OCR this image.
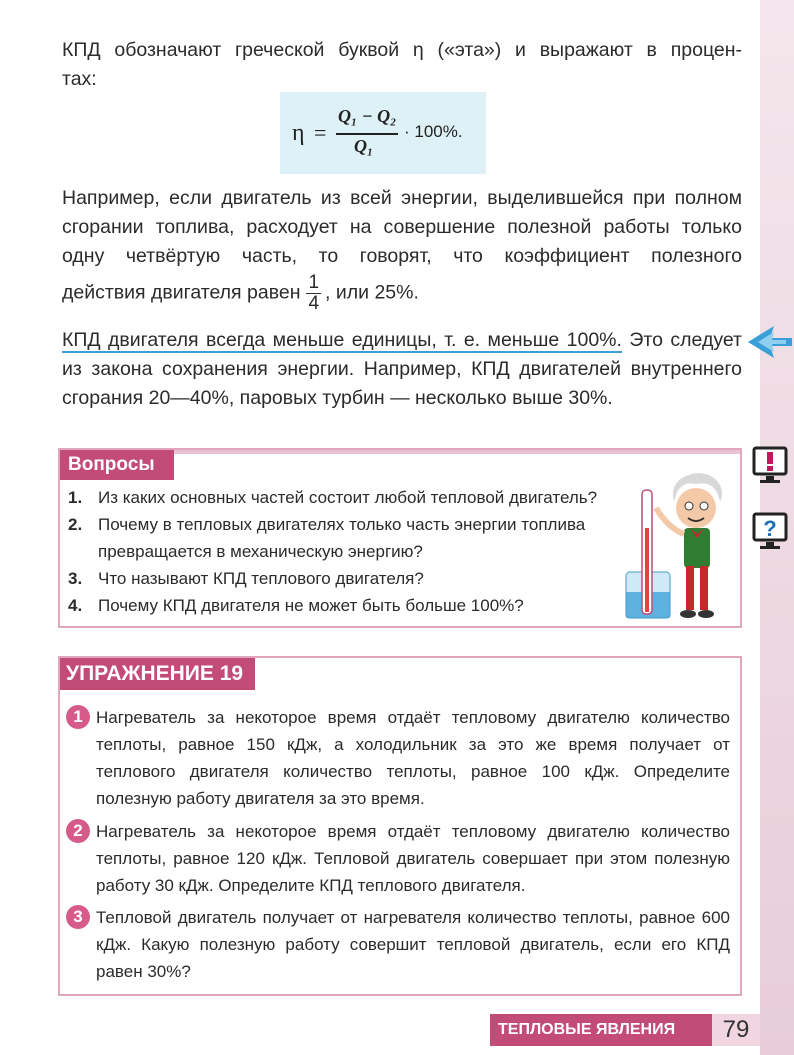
КПД обозначают греческой буквой η («эта») и выражают в процен-
тах:
η =
Q₁ − Q₂
Q₁
· 100%.
Например, если двигатель из всей энергии, выделившейся при полном сгорании топлива, расходует на совершение полезной работы только одну четвёртую часть, то говорят, что коэффициент полезного
действия двигателя равен $\frac{1}{4}$ , или 25%.
КПД двигателя всегда меньше единицы, т. е. меньше 100%. Это следует из закона сохранения энергии. Например, КПД двигателей внутреннего сгорания 20—40%, паровых турбин — несколько выше 30%.
?
Вопросы
1. Из каких основных частей состоит любой тепловой двигатель?
2. Почему в тепловых двигателях только часть энергии топлива превращается в механическую энергию?
3. Что называют КПД теплового двигателя?
4. Почему КПД двигателя не может быть больше 100%?
УПРАЖНЕНИЕ 19
1 Нагреватель за некоторое время отдаёт тепловому двигателю количество теплоты, равное 150 кДж, а холодильник за это же время получает от теплового двигателя количество теплоты, равное 100 кДж. Определите полезную работу двигателя за это время.
2 Нагреватель за некоторое время отдаёт тепловому двигателю количество теплоты, равное 120 кДж. Тепловой двигатель совершает при этом полезную работу 30 кДж. Определите КПД теплового двигателя.
3 Тепловой двигатель получает от нагревателя количество теплоты, равное 600 кДж. Какую полезную работу совершит тепловой двигатель, если его КПД равен 30%?
ТЕПЛОВЫЕ ЯВЛЕНИЯ	79
